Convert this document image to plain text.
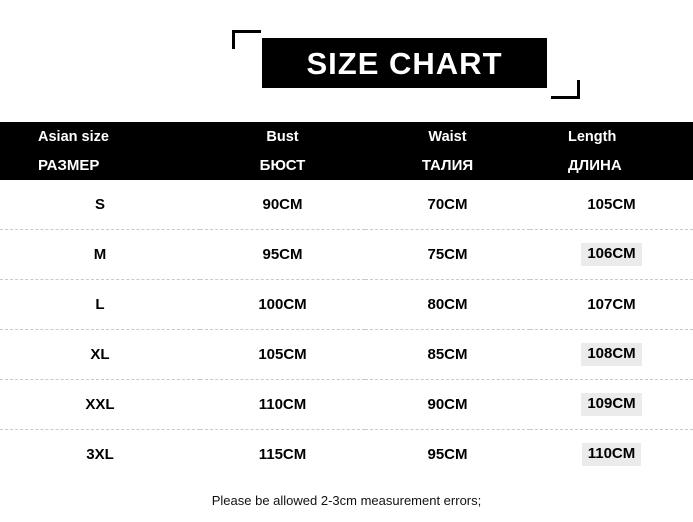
SIZE CHART
Asian size	Bust	Waist	Length
РАЗМЕР	БЮСТ	ТАЛИЯ	ДЛИНА
S	90CM	70CM	105CM
M	95CM	75CM	106CM
L	100CM	80CM	107CM
XL	105CM	85CM	108CM
XXL	110CM	90CM	109CM
3XL	115CM	95CM	110CM
Please be allowed 2-3cm measurement errors;
